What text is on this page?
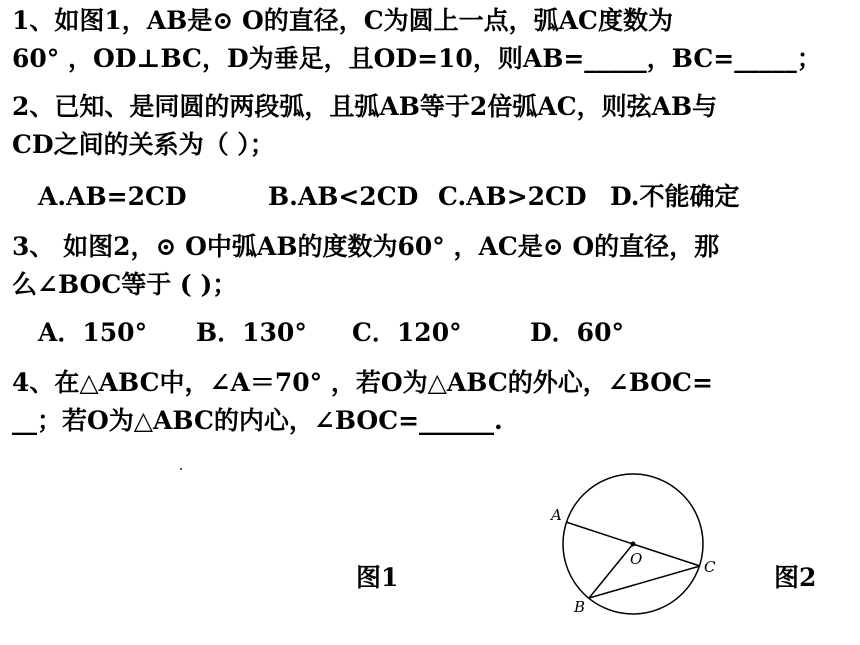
1、如图1，AB是⊙ O的直径，C为圆上一点，弧AC度数为
60° ，OD⊥BC，D为垂足，且OD=10，则AB=_____，BC=_____；
2、已知、是同圆的两段弧，且弧AB等于2倍弧AC，则弦AB与
CD之间的关系为（ ）；
A.AB=2CD	B.AB<2CD C.AB>2CD D.不能确定
3、 如图2，⊙ O中弧AB的度数为60° ，AC是⊙ O的直径，那
么∠BOC等于 ( )；
A．150° B．130° C．120°	D．60°
4、在△ABC中，∠A＝70° ，若O为△ABC的外心，∠BOC=
__；若O为△ABC的内心，∠BOC=______.
图1	图2
A
O	C
B
